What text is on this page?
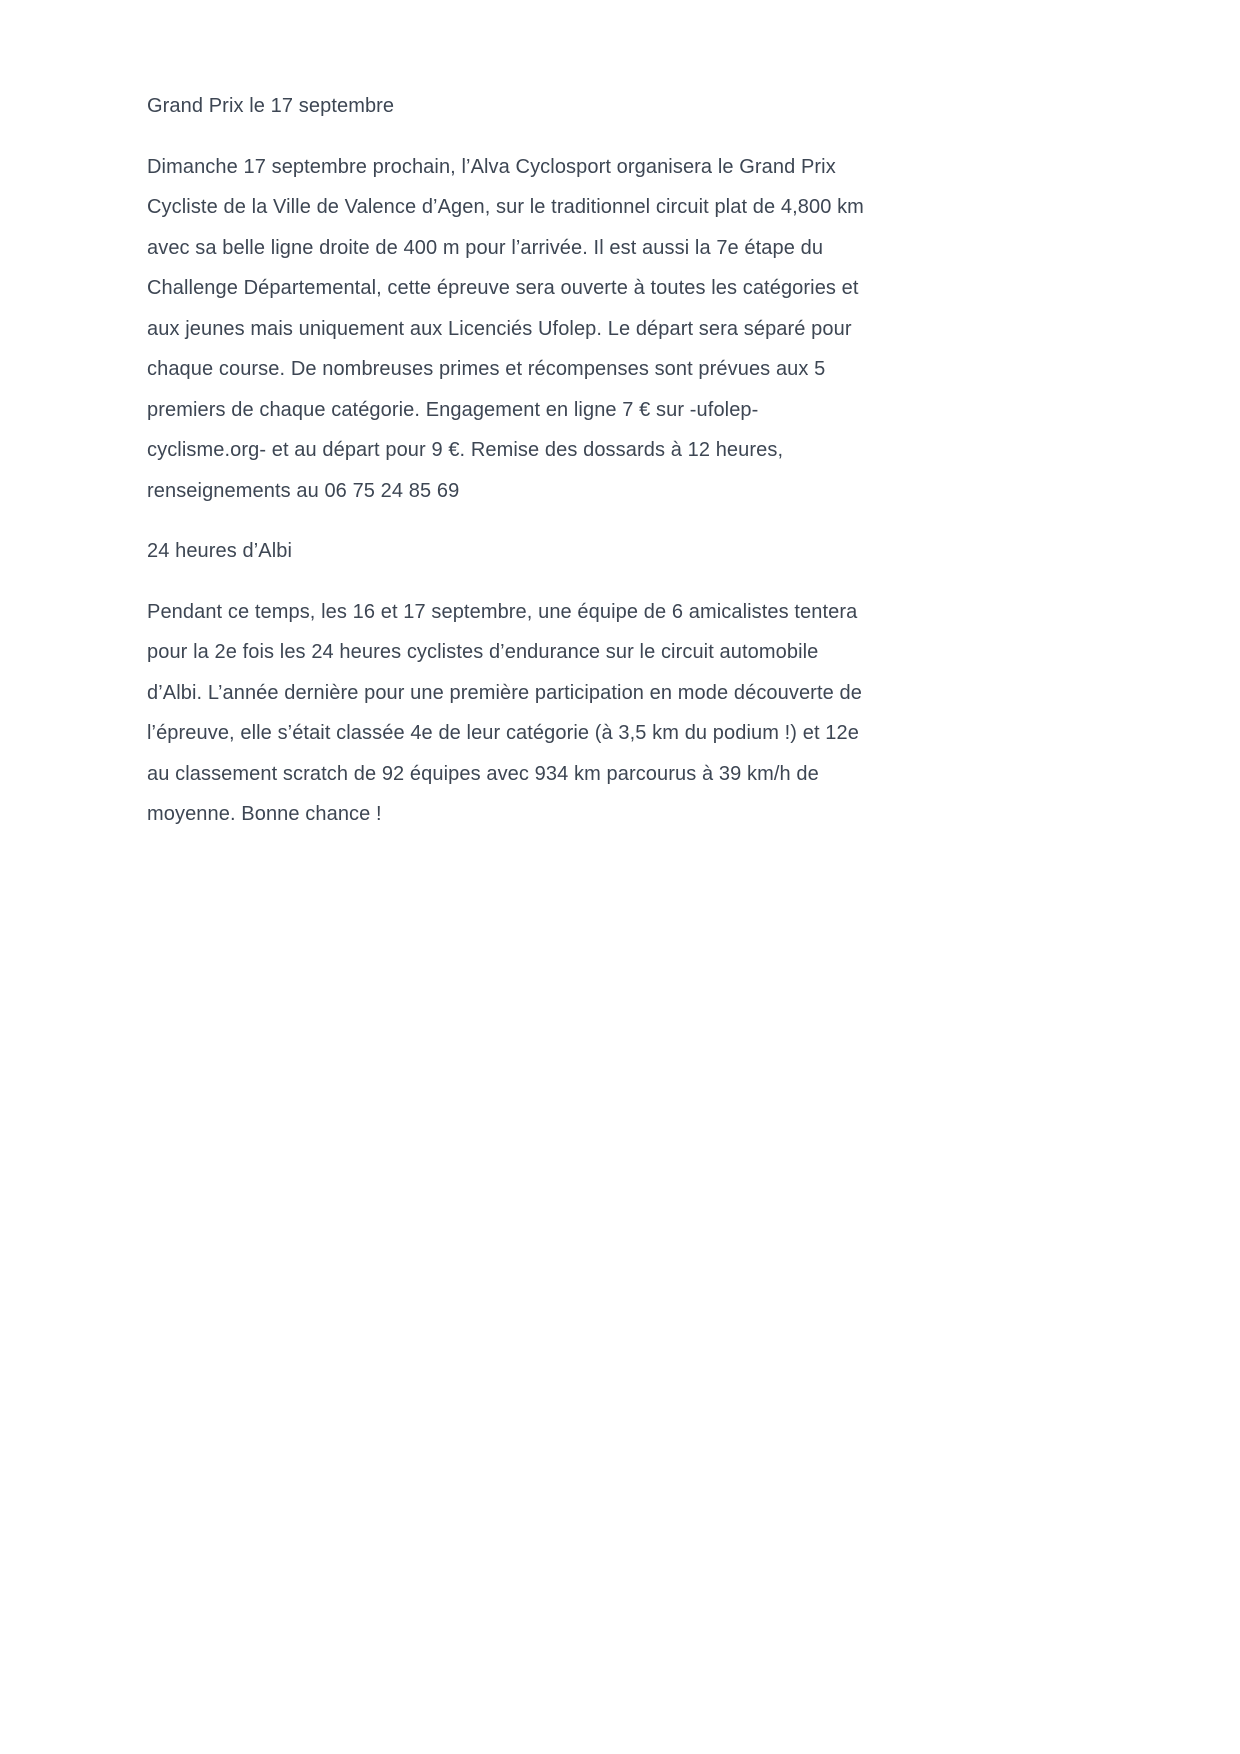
Grand Prix le 17 septembre
Dimanche 17 septembre prochain, l’Alva Cyclosport organisera le Grand Prix
Cycliste de la Ville de Valence d’Agen, sur le traditionnel circuit plat de 4,800 km
avec sa belle ligne droite de 400 m pour l’arrivée. Il est aussi la 7e étape du
Challenge Départemental, cette épreuve sera ouverte à toutes les catégories et
aux jeunes mais uniquement aux Licenciés Ufolep. Le départ sera séparé pour
chaque course. De nombreuses primes et récompenses sont prévues aux 5
premiers de chaque catégorie. Engagement en ligne 7 € sur -ufolep-
cyclisme.org- et au départ pour 9 €. Remise des dossards à 12 heures,
renseignements au 06 75 24 85 69
24 heures d’Albi
Pendant ce temps, les 16 et 17 septembre, une équipe de 6 amicalistes tentera
pour la 2e fois les 24 heures cyclistes d’endurance sur le circuit automobile
d’Albi. L’année dernière pour une première participation en mode découverte de
l’épreuve, elle s’était classée 4e de leur catégorie (à 3,5 km du podium !) et 12e
au classement scratch de 92 équipes avec 934 km parcourus à 39 km/h de
moyenne. Bonne chance !
